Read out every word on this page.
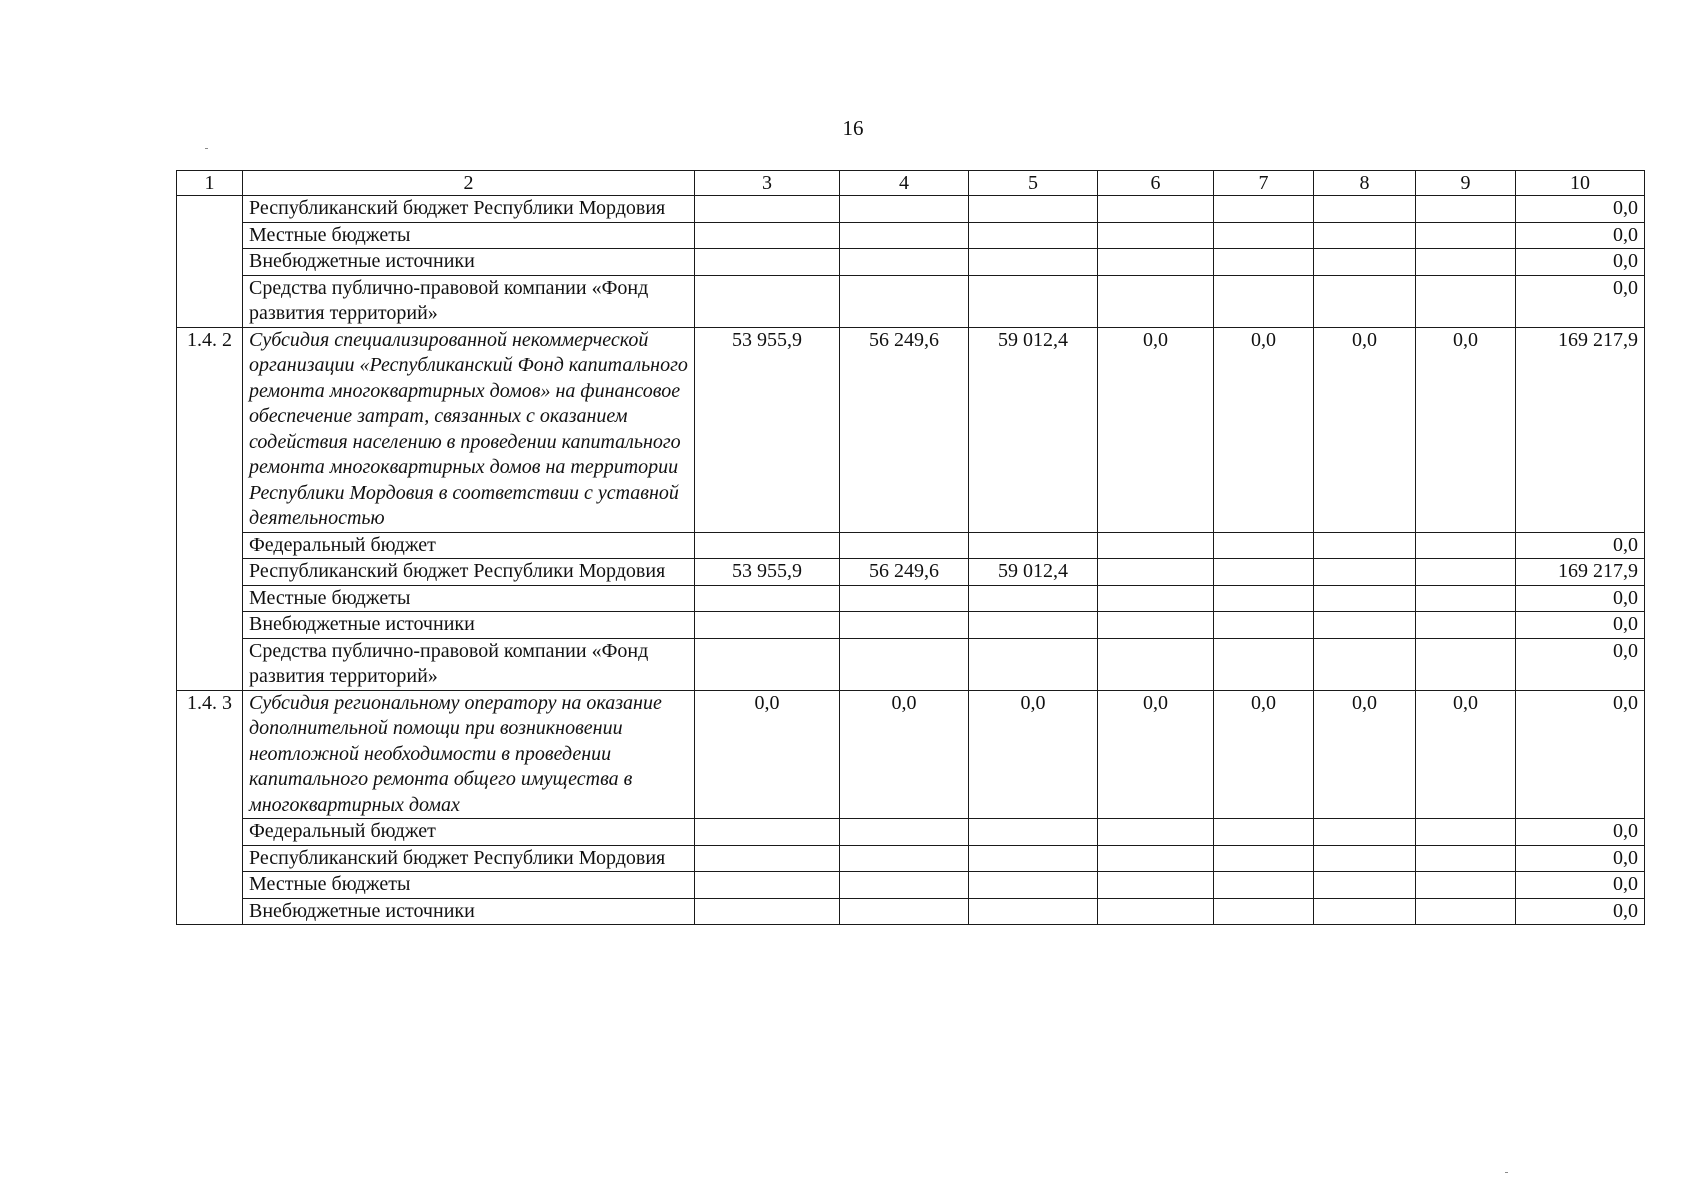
16
1	2	3	4	5	6	7	8	9	10
	Республиканский бюджет Республики Мордовия								0,0
	Местные бюджеты								0,0
	Внебюджетные источники								0,0
	Средства публично-правовой компании «Фонд развития территорий»								0,0
1.4. 2	Субсидия специализированной некоммерческой организации «Республиканский Фонд капитального ремонта многоквартирных домов» на финансовое обеспечение затрат, связанных с оказанием содействия населению в проведении капитального ремонта многоквартирных домов на территории Республики Мордовия в соответствии с уставной деятельностью	53 955,9	56 249,6	59 012,4	0,0	0,0	0,0	0,0	169 217,9
	Федеральный бюджет								0,0
	Республиканский бюджет Республики Мордовия	53 955,9	56 249,6	59 012,4					169 217,9
	Местные бюджеты								0,0
	Внебюджетные источники								0,0
	Средства публично-правовой компании «Фонд развития территорий»								0,0
1.4. 3	Субсидия региональному оператору на оказание дополнительной помощи при возникновении неотложной необходимости в проведении капитального ремонта общего имущества в многоквартирных домах	0,0	0,0	0,0	0,0	0,0	0,0	0,0	0,0
	Федеральный бюджет								0,0
	Республиканский бюджет Республики Мордовия								0,0
	Местные бюджеты								0,0
	Внебюджетные источники								0,0
